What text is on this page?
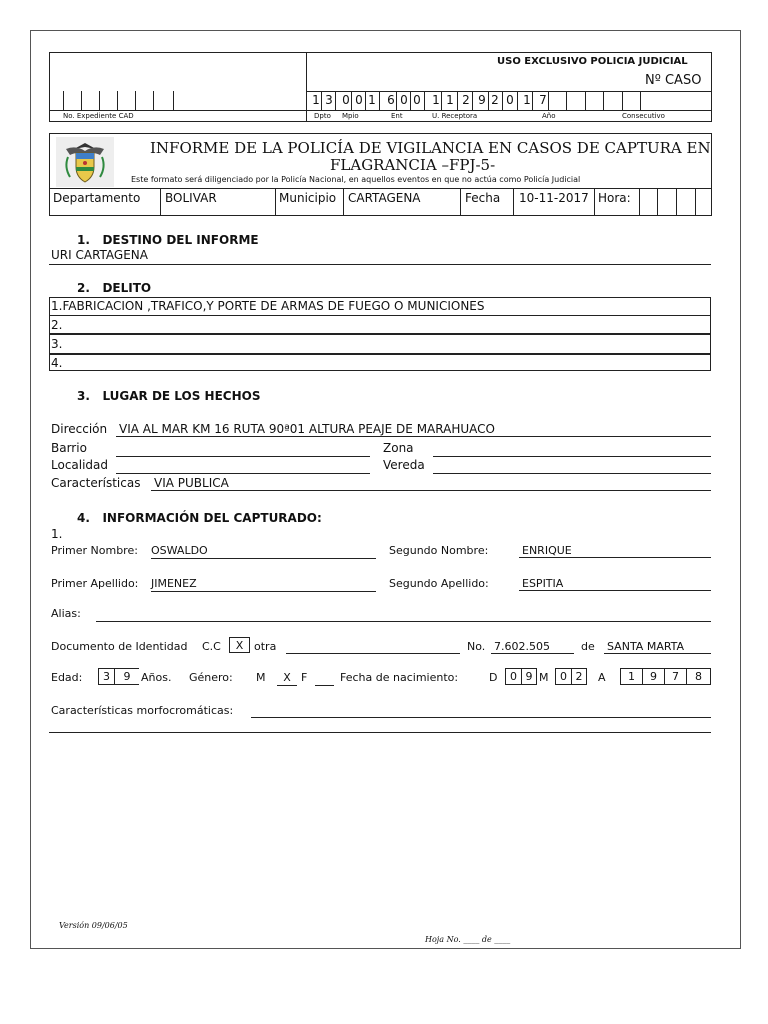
USO EXCLUSIVO POLICIA JUDICIAL
Nº CASO
No. Expediente CAD
1 3 0 0 1 6 0 0 1 1 2 9 2 0 1 7
Dpto Mpio	Ent	U. Receptora	Año	Consecutivo
INFORME DE LA POLICÍA DE VIGILANCIA EN CASOS DE CAPTURA EN
FLAGRANCIA –FPJ-5-
Este formato será diligenciado por la Policía Nacional, en aquellos eventos en que no actúa como Policía Judicial
Departamento BOLIVAR	Municipio CARTAGENA	Fecha 10-11-2017 Hora:
1.   DESTINO DEL INFORME
URI CARTAGENA
2.   DELITO
1.FABRICACION ,TRAFICO,Y PORTE DE ARMAS DE FUEGO O MUNICIONES
2.
3.
4.
3.   LUGAR DE LOS HECHOS
Dirección VIA AL MAR KM 16 RUTA 90ª01 ALTURA PEAJE DE MARAHUACO
Barrio	Zona
Localidad	Vereda
Características VIA PUBLICA
4.   INFORMACIÓN DEL CAPTURADO:
1.
Primer Nombre: OSWALDO	Segundo Nombre:	ENRIQUE
Primer Apellido: JIMENEZ	Segundo Apellido:	ESPITIA
Alias:
Documento de Identidad C.C	X otra	No. 7.602.505	de SANTA MARTA
Edad:	3	9 Años. Género: M	X F	Fecha de nacimiento:	D	0 9 M	0 2	A	1	9	7	8
Características morfocromáticas:
Versión 09/06/05
Hoja No. ____ de ____
